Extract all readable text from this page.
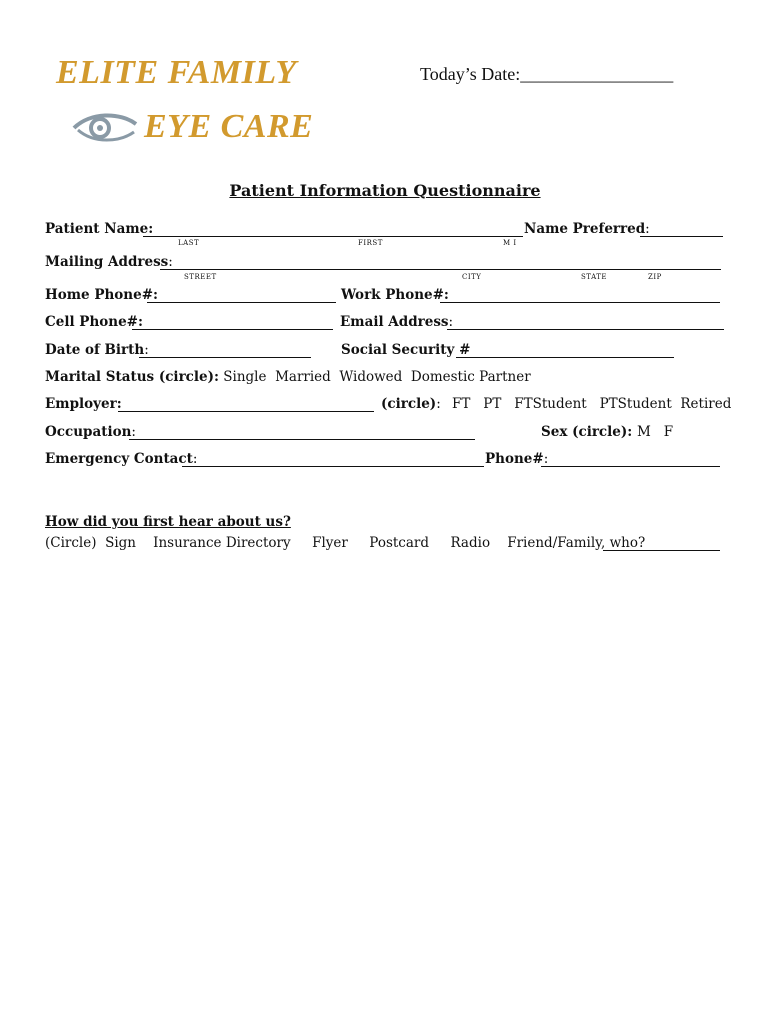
ELITE FAMILY
EYE CARE
Today’s Date:_________________
Patient Information Questionnaire
Patient Name:	Name Preferred:
LAST	FIRST	M I
Mailing Address:
STREET	CITY	STATE	ZIP
Home Phone#:	Work Phone#:
Cell Phone#:	Email Address:
Date of Birth:	Social Security #
Marital Status (circle): Single  Married  Widowed  Domestic Partner
Employer:	(circle): FT   PT   FTStudent   PTStudent  Retired
Occupation:	Sex (circle): M   F
Emergency Contact:	Phone#:
How did you first hear about us?
(Circle)  Sign    Insurance Directory     Flyer     Postcard     Radio    Friend/Family, who?
